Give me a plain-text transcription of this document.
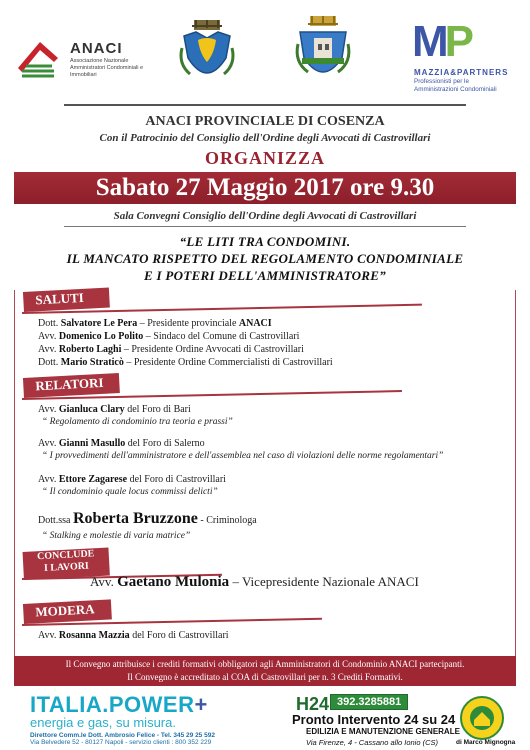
ANACI
Associazione Nazionale Amministratori Condominiali e Immobiliari
MP
MAZZIA&PARTNERS
Professionisti per le Amministrazioni Condominiali
ANACI PROVINCIALE DI COSENZA
Con il Patrocinio del Consiglio dell'Ordine degli Avvocati di Castrovillari
ORGANIZZA
Sabato 27 Maggio 2017 ore 9.30
Sala Convegni Consiglio dell'Ordine degli Avvocati di Castrovillari
“LE LITI TRA CONDOMINI.
IL MANCATO RISPETTO DEL REGOLAMENTO CONDOMINIALE
E I POTERI DELL'AMMINISTRATORE”
SALUTI
Dott. Salvatore Le Pera – Presidente provinciale ANACI
Avv. Domenico Lo Polito – Sindaco del Comune di Castrovillari
Avv. Roberto Laghi – Presidente Ordine Avvocati di Castrovillari
Dott. Mario Straticò – Presidente Ordine Commercialisti di Castrovillari
RELATORI
Avv. Gianluca Clary del Foro di Bari
“ Regolamento di condominio tra teoria e prassi”
Avv. Gianni Masullo del Foro di Salerno
“ I provvedimenti dell'amministratore e dell'assemblea nel caso di violazioni delle norme regolamentari”
Avv. Ettore Zagarese del Foro di Castrovillari
“ Il condominio quale locus commissi delicti”
Dott.ssa Roberta Bruzzone - Criminologa
“ Stalking e molestie di varia matrice”
CONCLUDE
I LAVORI
Avv. Gaetano Mulonia – Vicepresidente Nazionale ANACI
MODERA
Avv. Rosanna Mazzia del Foro di Castrovillari
Il Convegno attribuisce i crediti formativi obbligatori agli Amministratori di Condominio ANACI partecipanti.
Il Convegno è accreditato al COA di Castrovillari per n. 3 Crediti Formativi.
ITALIA.POWER+
energia e gas, su misura.
Direttore Comm.le Dott. Ambrosio Felice - Tel. 345 29 25 592
Via Belvedere 52 - 80127 Napoli - servizio clienti : 800 352 229
H24 392.3285881
Pronto Intervento 24 su 24
EDILIZIA E MANUTENZIONE GENERALE
Via Firenze, 4 - Cassano allo Ionio (CS)	di Marco Mignogna
